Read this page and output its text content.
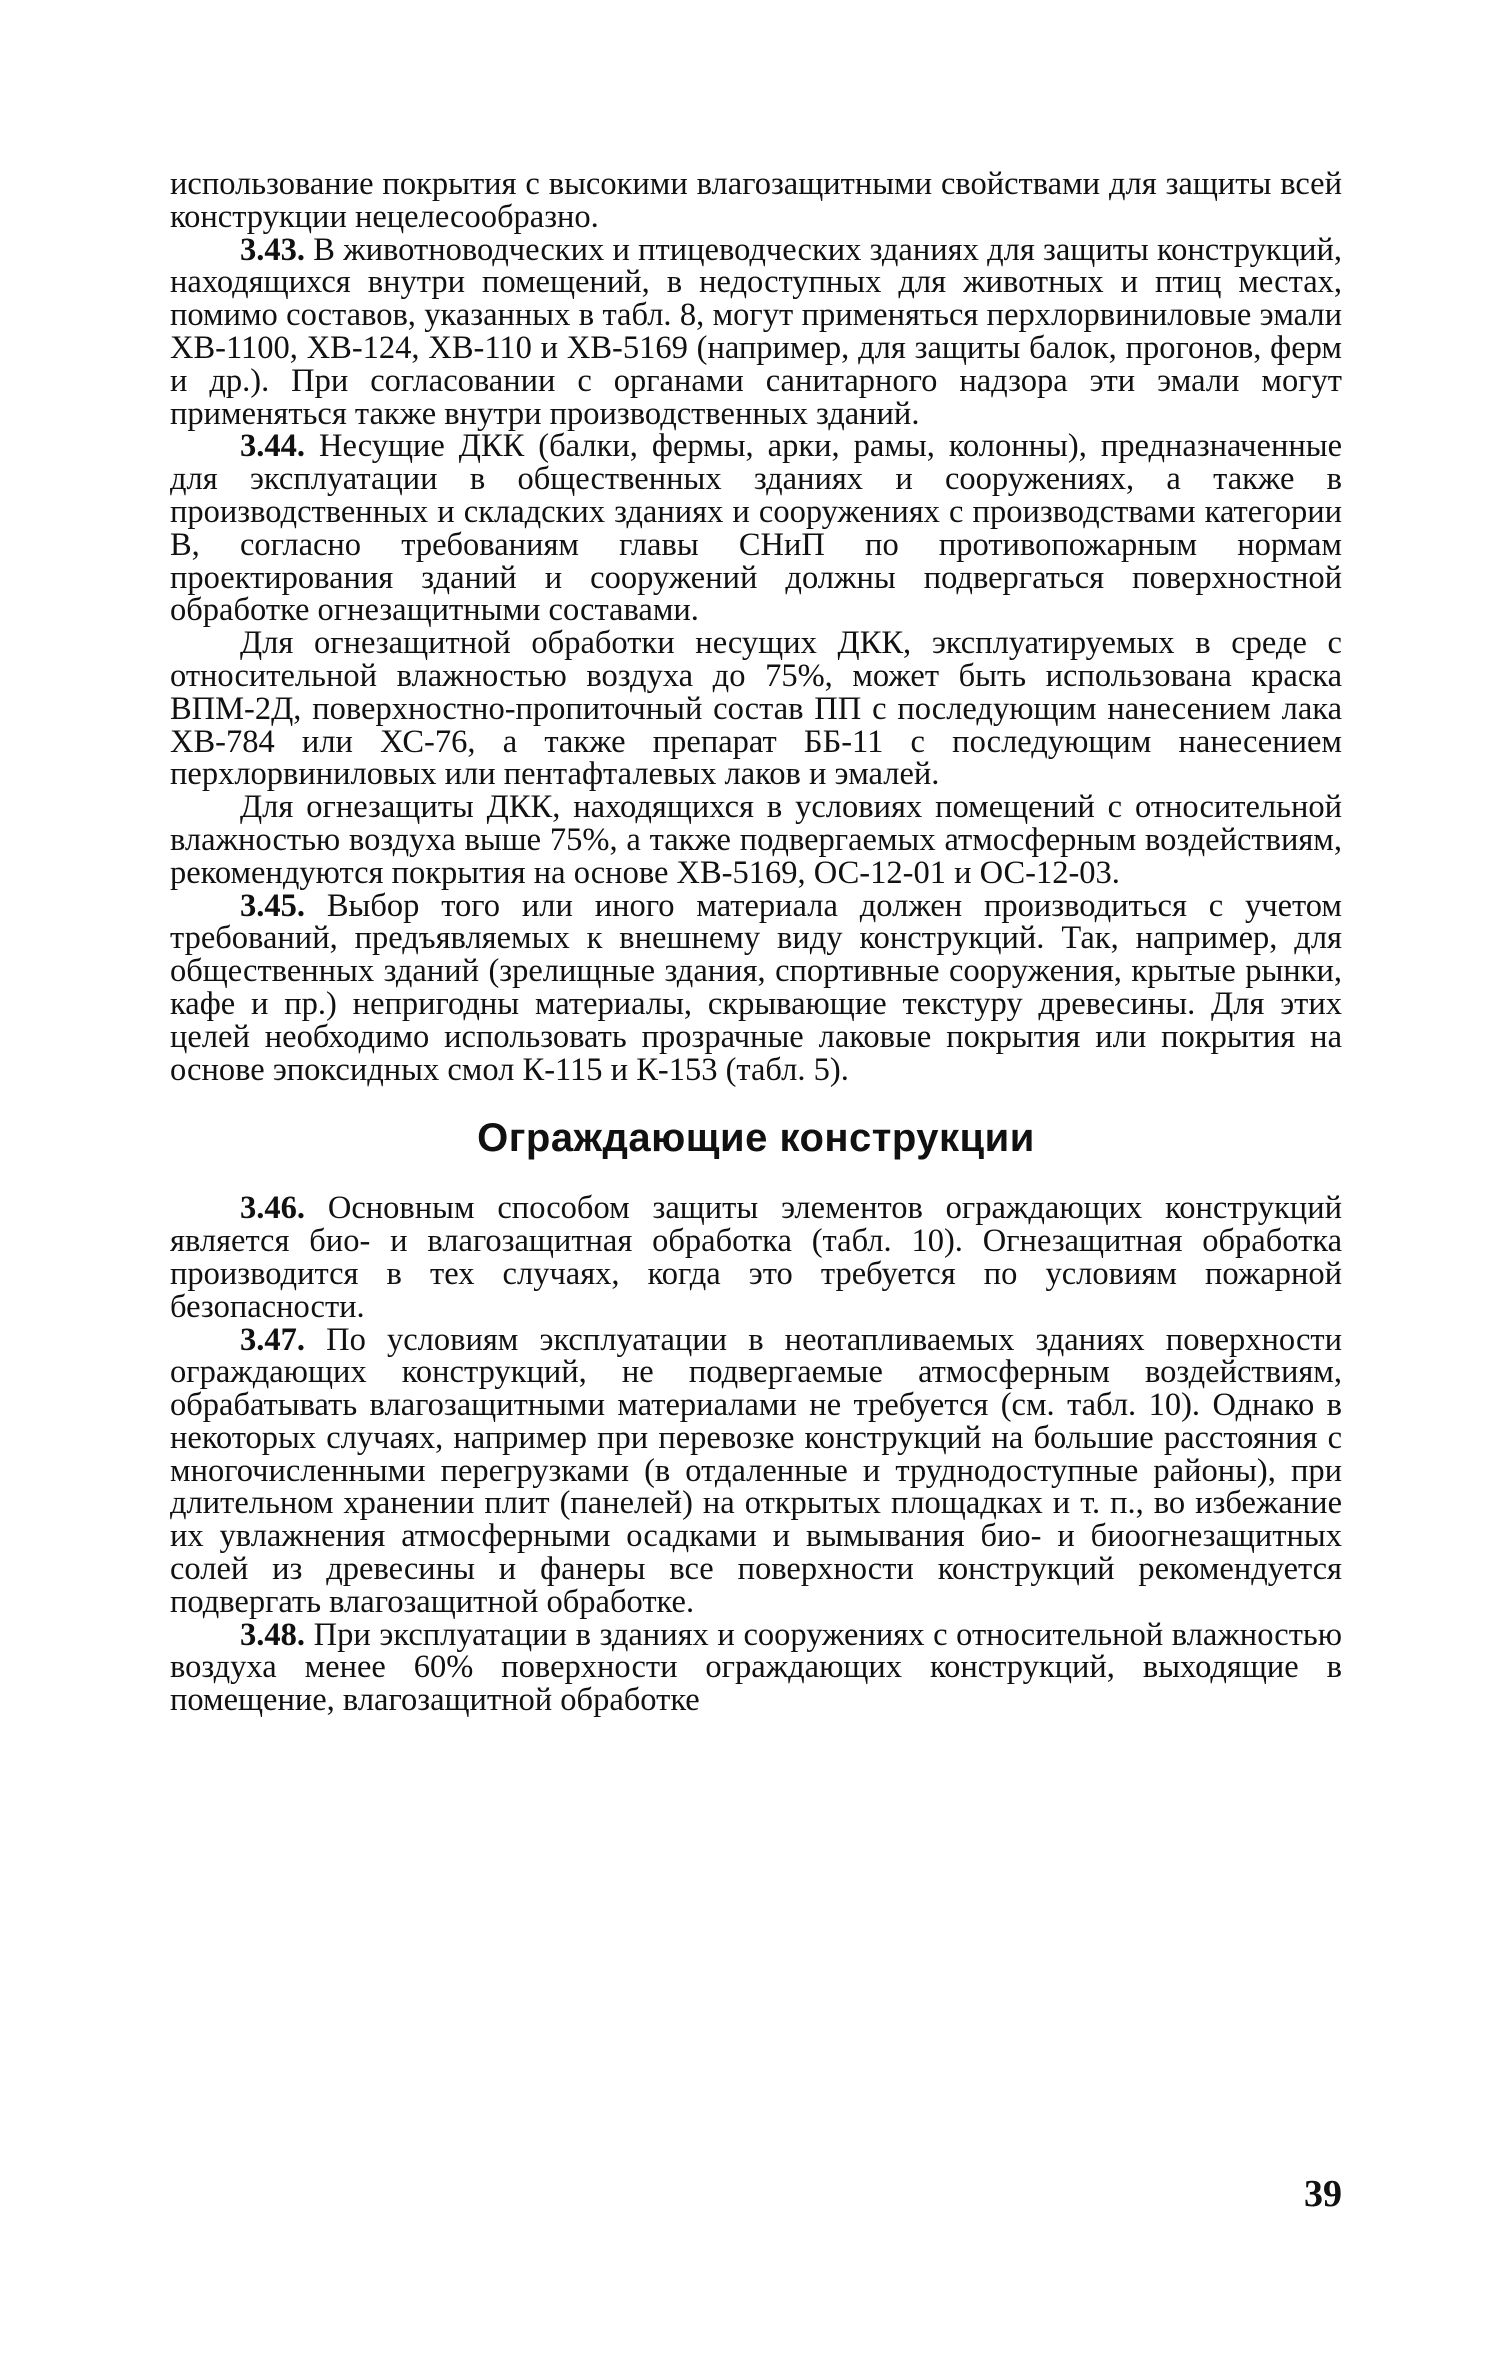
использование покрытия с высокими влагозащитными свойствами для защиты всей конструкции нецелесообразно.

3.43. В животноводческих и птицеводческих зданиях для защиты конструкций, находящихся внутри помещений, в недоступных для животных и птиц местах, помимо составов, указанных в табл. 8, могут применяться перхлорвиниловые эмали ХВ-1100, ХВ-124, ХВ-110 и ХВ-5169 (например, для защиты балок, прогонов, ферм и др.). При согласовании с органами санитарного надзора эти эмали могут применяться также внутри производственных зданий.

3.44. Несущие ДКК (балки, фермы, арки, рамы, колонны), предназначенные для эксплуатации в общественных зданиях и сооружениях, а также в производственных и складских зданиях и сооружениях с производствами категории В, согласно требованиям главы СНиП по противопожарным нормам проектирования зданий и сооружений должны подвергаться поверхностной обработке огнезащитными составами.

Для огнезащитной обработки несущих ДКК, эксплуатируемых в среде с относительной влажностью воздуха до 75%, может быть использована краска ВПМ-2Д, поверхностно-пропиточный состав ПП с последующим нанесением лака ХВ-784 или ХС-76, а также препарат ББ-11 с последующим нанесением перхлорвиниловых или пентафталевых лаков и эмалей.

Для огнезащиты ДКК, находящихся в условиях помещений с относительной влажностью воздуха выше 75%, а также подвергаемых атмосферным воздействиям, рекомендуются покрытия на основе ХВ-5169, ОС-12-01 и ОС-12-03.

3.45. Выбор того или иного материала должен производиться с учетом требований, предъявляемых к внешнему виду конструкций. Так, например, для общественных зданий (зрелищные здания, спортивные сооружения, крытые рынки, кафе и пр.) непригодны материалы, скрывающие текстуру древесины. Для этих целей необходимо использовать прозрачные лаковые покрытия или покрытия на основе эпоксидных смол К-115 и К-153 (табл. 5).

Ограждающие конструкции

3.46. Основным способом защиты элементов ограждающих конструкций является био- и влагозащитная обработка (табл. 10). Огнезащитная обработка производится в тех случаях, когда это требуется по условиям пожарной безопасности.

3.47. По условиям эксплуатации в неотапливаемых зданиях поверхности ограждающих конструкций, не подвергаемые атмосферным воздействиям, обрабатывать влагозащитными материалами не требуется (см. табл. 10). Однако в некоторых случаях, например при перевозке конструкций на большие расстояния с многочисленными перегрузками (в отдаленные и труднодоступные районы), при длительном хранении плит (панелей) на открытых площадках и т. п., во избежание их увлажнения атмосферными осадками и вымывания био- и биоогнезащитных солей из древесины и фанеры все поверхности конструкций рекомендуется подвергать влагозащитной обработке.

3.48. При эксплуатации в зданиях и сооружениях с относительной влажностью воздуха менее 60% поверхности ограждающих конструкций, выходящие в помещение, влагозащитной обработке

39
